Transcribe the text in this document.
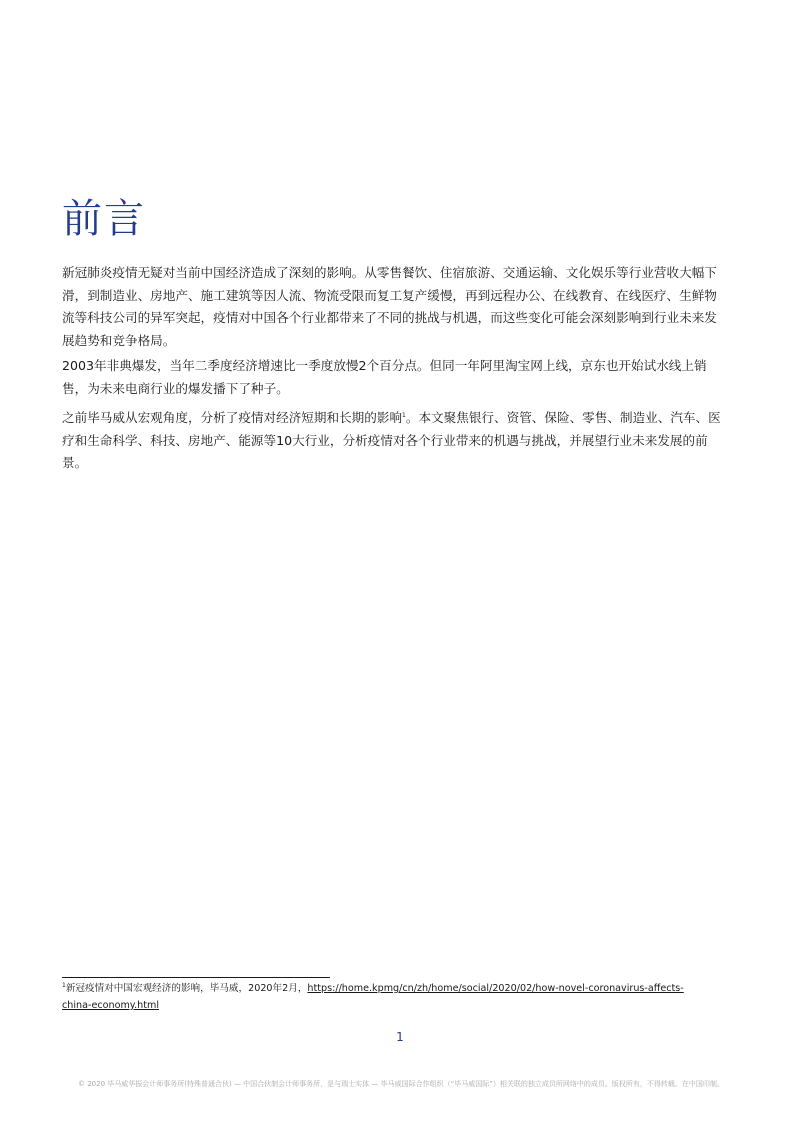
前言

新冠肺炎疫情无疑对当前中国经济造成了深刻的影响。从零售餐饮、住宿旅游、交通运输、文化娱乐等行业营收大幅下滑，到制造业、房地产、施工建筑等因人流、物流受限而复工复产缓慢，再到远程办公、在线教育、在线医疗、生鲜物流等科技公司的异军突起，疫情对中国各个行业都带来了不同的挑战与机遇，而这些变化可能会深刻影响到行业未来发展趋势和竞争格局。

2003年非典爆发，当年二季度经济增速比一季度放慢2个百分点。但同一年阿里淘宝网上线，京东也开始试水线上销售，为未来电商行业的爆发播下了种子。

之前毕马威从宏观角度，分析了疫情对经济短期和长期的影响$^1$。本文聚焦银行、资管、保险、零售、制造业、汽车、医疗和生命科学、科技、房地产、能源等10大行业，分析疫情对各个行业带来的机遇与挑战，并展望行业未来发展的前景。

$^1$新冠疫情对中国宏观经济的影响，毕马威，2020年2月，https://home.kpmg/cn/zh/home/social/2020/02/how-novel-coronavirus-affects-china-economy.html

1

© 2020 毕马威华振会计师事务所(特殊普通合伙) — 中国合伙制会计师事务所，是与瑞士实体 — 毕马威国际合作组织（“毕马威国际”）相关联的独立成员所网络中的成员。版权所有，不得转载。在中国印制。
